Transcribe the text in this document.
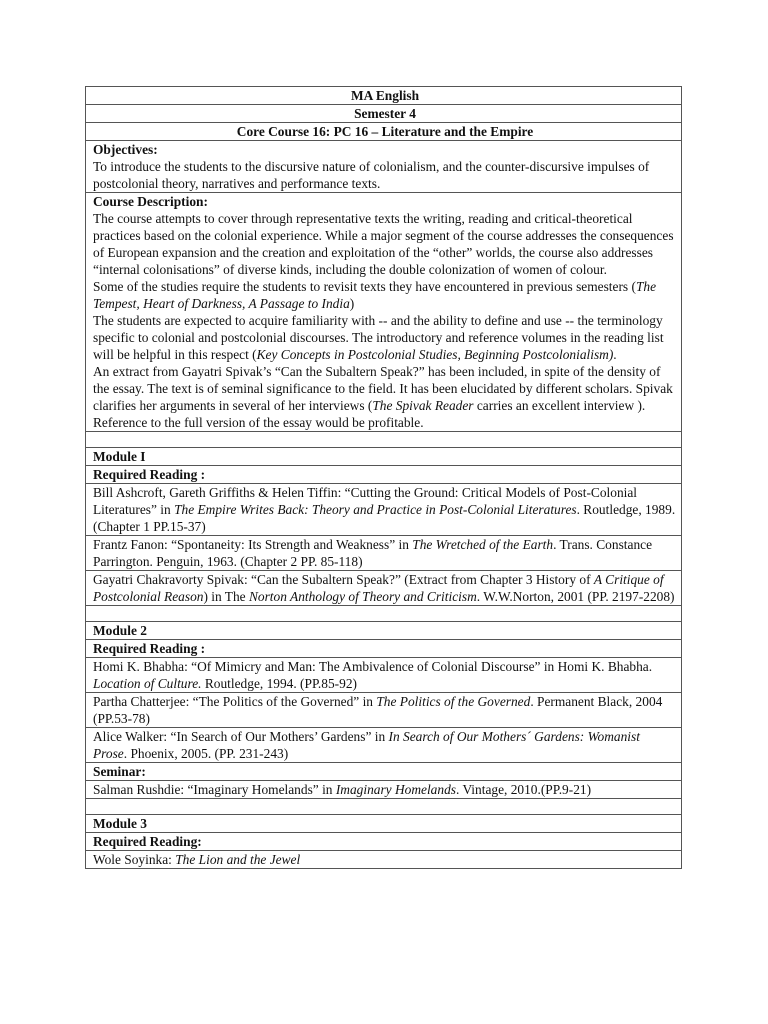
MA English
Semester 4
Core Course 16: PC 16 – Literature and the Empire

Objectives:
To introduce the students to the discursive nature of colonialism, and the counter-discursive impulses of postcolonial theory, narratives and performance texts.

Course Description:
The course attempts to cover through representative texts the writing, reading and critical-theoretical practices based on the colonial experience. While a major segment of the course addresses the consequences of European expansion and the creation and exploitation of the “other” worlds, the course also addresses “internal colonisations” of diverse kinds, including the double colonization of women of colour.
Some of the studies require the students to revisit texts they have encountered in previous semesters (The Tempest, Heart of Darkness, A Passage to India)
The students are expected to acquire familiarity with -- and the ability to define and use -- the terminology specific to colonial and postcolonial discourses. The introductory and reference volumes in the reading list will be helpful in this respect (Key Concepts in Postcolonial Studies, Beginning Postcolonialism).
An extract from Gayatri Spivak’s “Can the Subaltern Speak?” has been included, in spite of the density of the essay. The text is of seminal significance to the field. It has been elucidated by different scholars. Spivak clarifies her arguments in several of her interviews (The Spivak Reader carries an excellent interview ). Reference to the full version of the essay would be profitable.

Module I
Required Reading :
Bill Ashcroft, Gareth Griffiths & Helen Tiffin: “Cutting the Ground: Critical Models of Post-Colonial Literatures” in The Empire Writes Back: Theory and Practice in Post-Colonial Literatures. Routledge, 1989. (Chapter 1 PP.15-37)
Frantz Fanon: “Spontaneity: Its Strength and Weakness” in The Wretched of the Earth. Trans. Constance Parrington. Penguin, 1963. (Chapter 2 PP. 85-118)
Gayatri Chakravorty Spivak: “Can the Subaltern Speak?” (Extract from Chapter 3 History of A Critique of Postcolonial Reason) in The Norton Anthology of Theory and Criticism. W.W.Norton, 2001 (PP. 2197-2208)

Module 2
Required Reading :
Homi K. Bhabha: “Of Mimicry and Man: The Ambivalence of Colonial Discourse” in Homi K. Bhabha. Location of Culture. Routledge, 1994. (PP.85-92)
Partha Chatterjee: “The Politics of the Governed” in The Politics of the Governed. Permanent Black, 2004 (PP.53-78)
Alice Walker: “In Search of Our Mothers’ Gardens” in In Search of Our Mothers´ Gardens: Womanist Prose. Phoenix, 2005. (PP. 231-243)
Seminar:
Salman Rushdie: “Imaginary Homelands” in Imaginary Homelands. Vintage, 2010.(PP.9-21)

Module 3
Required Reading:
Wole Soyinka: The Lion and the Jewel
